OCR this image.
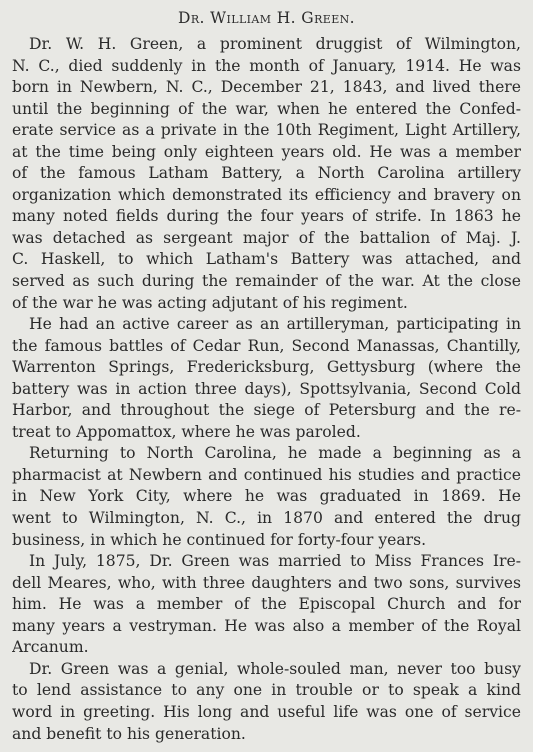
Dr. William H. Green.
Dr. W. H. Green, a prominent druggist of Wilmington,
N. C., died suddenly in the month of January, 1914. He was
born in Newbern, N. C., December 21, 1843, and lived there
until the beginning of the war, when he entered the Confed-
erate service as a private in the 10th Regiment, Light Artillery,
at the time being only eighteen years old. He was a member
of the famous Latham Battery, a North Carolina artillery
organization which demonstrated its efficiency and bravery on
many noted fields during the four years of strife. In 1863 he
was detached as sergeant major of the battalion of Maj. J.
C. Haskell, to which Latham's Battery was attached, and
served as such during the remainder of the war. At the close
of the war he was acting adjutant of his regiment.
He had an active career as an artilleryman, participating in
the famous battles of Cedar Run, Second Manassas, Chantilly,
Warrenton Springs, Fredericksburg, Gettysburg (where the
battery was in action three days), Spottsylvania, Second Cold
Harbor, and throughout the siege of Petersburg and the re-
treat to Appomattox, where he was paroled.
Returning to North Carolina, he made a beginning as a
pharmacist at Newbern and continued his studies and practice
in New York City, where he was graduated in 1869. He
went to Wilmington, N. C., in 1870 and entered the drug
business, in which he continued for forty-four years.
In July, 1875, Dr. Green was married to Miss Frances Ire-
dell Meares, who, with three daughters and two sons, survives
him. He was a member of the Episcopal Church and for
many years a vestryman. He was also a member of the Royal
Arcanum.
Dr. Green was a genial, whole-souled man, never too busy
to lend assistance to any one in trouble or to speak a kind
word in greeting. His long and useful life was one of service
and benefit to his generation.
